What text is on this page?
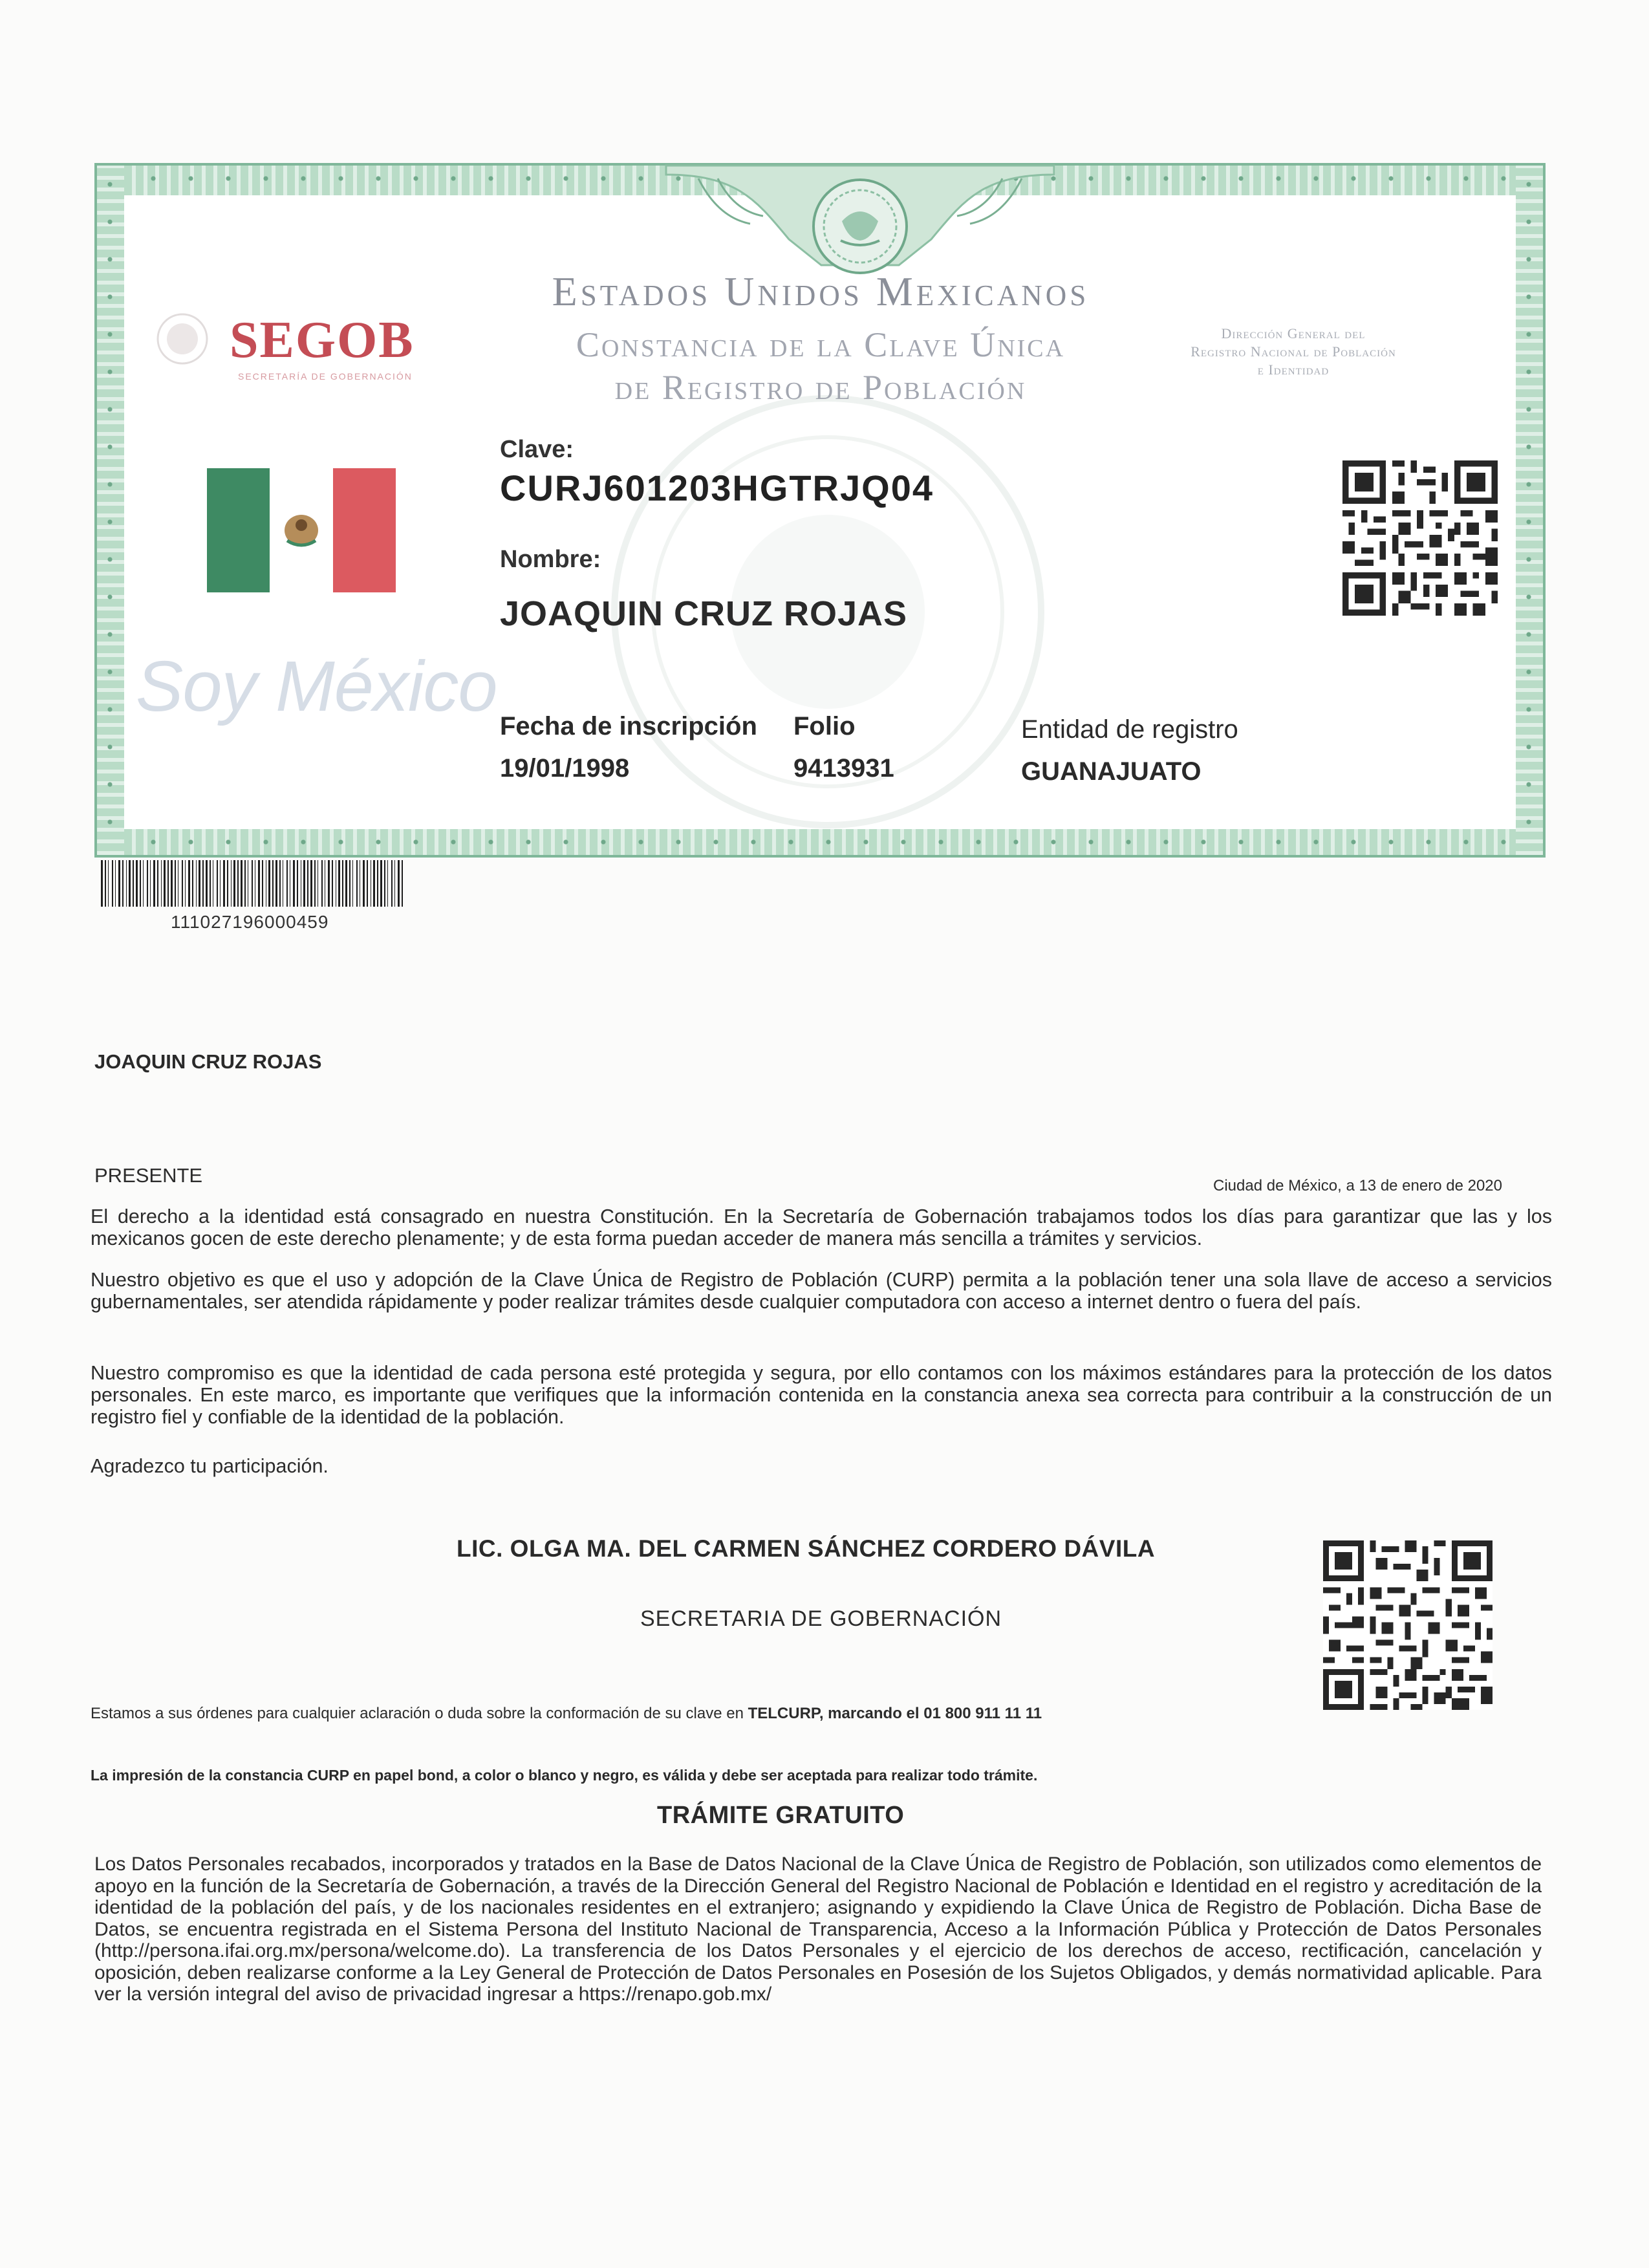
SEGOB
SECRETARÍA DE GOBERNACIÓN
Estados Unidos Mexicanos
Constancia de la Clave Única
de Registro de Población
Dirección General del
Registro Nacional de Población
e Identidad
Soy México
Clave:
CURJ601203HGTRJQ04
Nombre:
JOAQUIN CRUZ ROJAS
Fecha de inscripción
19/01/1998
Folio
9413931
Entidad de registro
GUANAJUATO
111027196000459
JOAQUIN CRUZ ROJAS
PRESENTE	Ciudad de México, a 13 de enero de 2020
El derecho a la identidad está consagrado en nuestra Constitución. En la Secretaría de Gobernación trabajamos todos los días para garantizar que las y los mexicanos gocen de este derecho plenamente; y de esta forma puedan acceder de manera más sencilla a trámites y servicios.
Nuestro objetivo es que el uso y adopción de la Clave Única de Registro de Población (CURP) permita a la población tener una sola llave de acceso a servicios gubernamentales, ser atendida rápidamente y poder realizar trámites desde cualquier computadora con acceso a internet dentro o fuera del país.
Nuestro compromiso es que la identidad de cada persona esté protegida y segura, por ello contamos con los máximos estándares para la protección de los datos personales. En este marco, es importante que verifiques que la información contenida en la constancia anexa sea correcta para contribuir a la construcción de un registro fiel y confiable de la identidad de la población.
Agradezco tu participación.
LIC. OLGA MA. DEL CARMEN SÁNCHEZ CORDERO DÁVILA
SECRETARIA DE GOBERNACIÓN
Estamos a sus órdenes para cualquier aclaración o duda sobre la conformación de su clave en TELCURP, marcando el 01 800 911 11 11
La impresión de la constancia CURP en papel bond, a color o blanco y negro, es válida y debe ser aceptada para realizar todo trámite.
TRÁMITE GRATUITO
Los Datos Personales recabados, incorporados y tratados en la Base de Datos Nacional de la Clave Única de Registro de Población, son utilizados como elementos de apoyo en la función de la Secretaría de Gobernación, a través de la Dirección General del Registro Nacional de Población e Identidad en el registro y acreditación de la identidad de la población del país, y de los nacionales residentes en el extranjero; asignando y expidiendo la Clave Única de Registro de Población. Dicha Base de Datos, se encuentra registrada en el Sistema Persona del Instituto Nacional de Transparencia, Acceso a la Información Pública y Protección de Datos Personales (http://persona.ifai.org.mx/persona/welcome.do). La transferencia de los Datos Personales y el ejercicio de los derechos de acceso, rectificación, cancelación y oposición, deben realizarse conforme a la Ley General de Protección de Datos Personales en Posesión de los Sujetos Obligados, y demás normatividad aplicable. Para ver la versión integral del aviso de privacidad ingresar a https://renapo.gob.mx/
